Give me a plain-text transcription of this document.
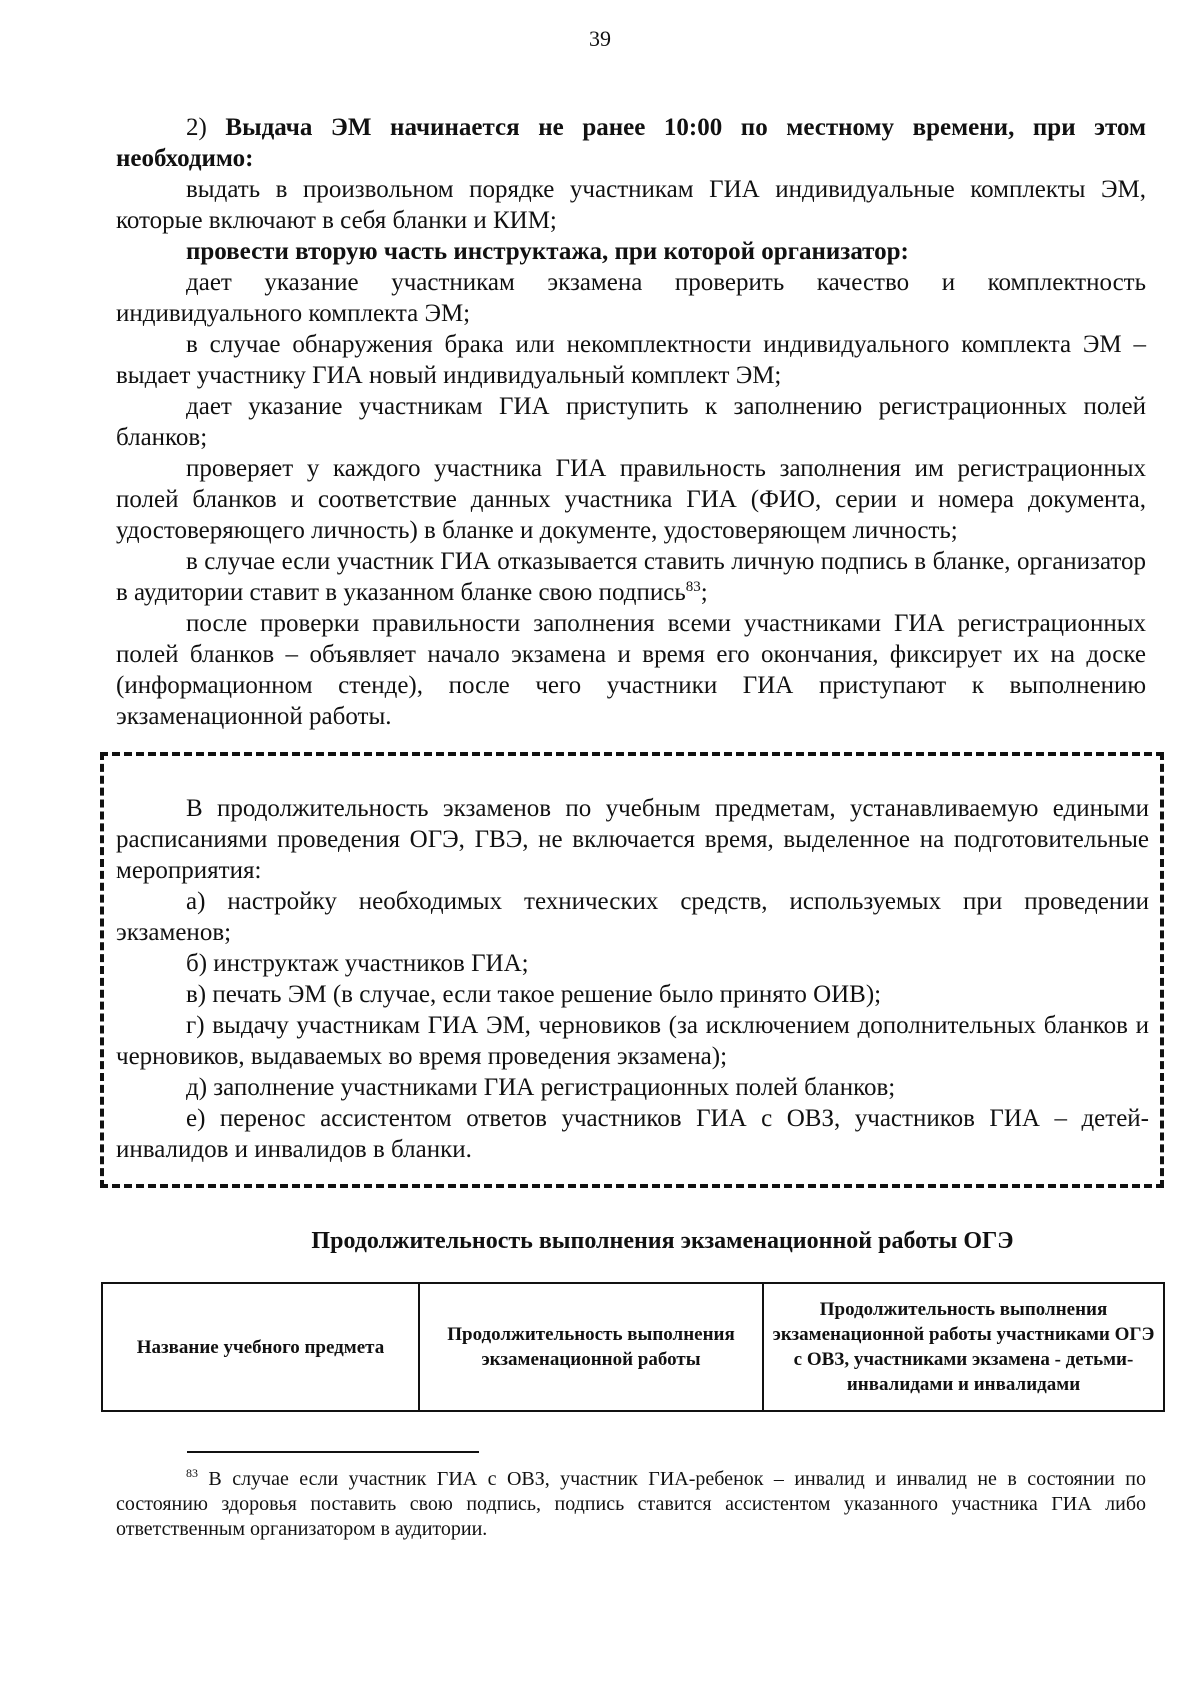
39

2) Выдача ЭМ начинается не ранее 10:00 по местному времени, при этом необходимо:

выдать в произвольном порядке участникам ГИА индивидуальные комплекты ЭМ, которые включают в себя бланки и КИМ;

провести вторую часть инструктажа, при которой организатор:

дает указание участникам экзамена проверить качество и комплектность индивидуального комплекта ЭМ;

в случае обнаружения брака или некомплектности индивидуального комплекта ЭМ – выдает участнику ГИА новый индивидуальный комплект ЭМ;

дает указание участникам ГИА приступить к заполнению регистрационных полей бланков;

проверяет у каждого участника ГИА правильность заполнения им регистрационных полей бланков и соответствие данных участника ГИА (ФИО, серии и номера документа, удостоверяющего личность) в бланке и документе, удостоверяющем личность;

в случае если участник ГИА отказывается ставить личную подпись в бланке, организатор в аудитории ставит в указанном бланке свою подпись$^{83}$;

после проверки правильности заполнения всеми участниками ГИА регистрационных полей бланков – объявляет начало экзамена и время его окончания, фиксирует их на доске (информационном стенде), после чего участники ГИА приступают к выполнению экзаменационной работы.

В продолжительность экзаменов по учебным предметам, устанавливаемую едиными расписаниями проведения ОГЭ, ГВЭ, не включается время, выделенное на подготовительные мероприятия:

а) настройку необходимых технических средств, используемых при проведении экзаменов;

б) инструктаж участников ГИА;

в) печать ЭМ (в случае, если такое решение было принято ОИВ);

г) выдачу участникам ГИА ЭМ, черновиков (за исключением дополнительных бланков и черновиков, выдаваемых во время проведения экзамена);

д) заполнение участниками ГИА регистрационных полей бланков;

е) перенос ассистентом ответов участников ГИА с ОВЗ, участников ГИА – детей-инвалидов и инвалидов в бланки.

Продолжительность выполнения экзаменационной работы ОГЭ
Название учебного предмета	Продолжительность выполнения экзаменационной работы	Продолжительность выполнения экзаменационной работы участниками ОГЭ с ОВЗ, участниками экзамена - детьми-инвалидами и инвалидами

$^{83}$ В случае если участник ГИА с ОВЗ, участник ГИА-ребенок – инвалид и инвалид не в состоянии по состоянию здоровья поставить свою подпись, подпись ставится ассистентом указанного участника ГИА либо ответственным организатором в аудитории.
